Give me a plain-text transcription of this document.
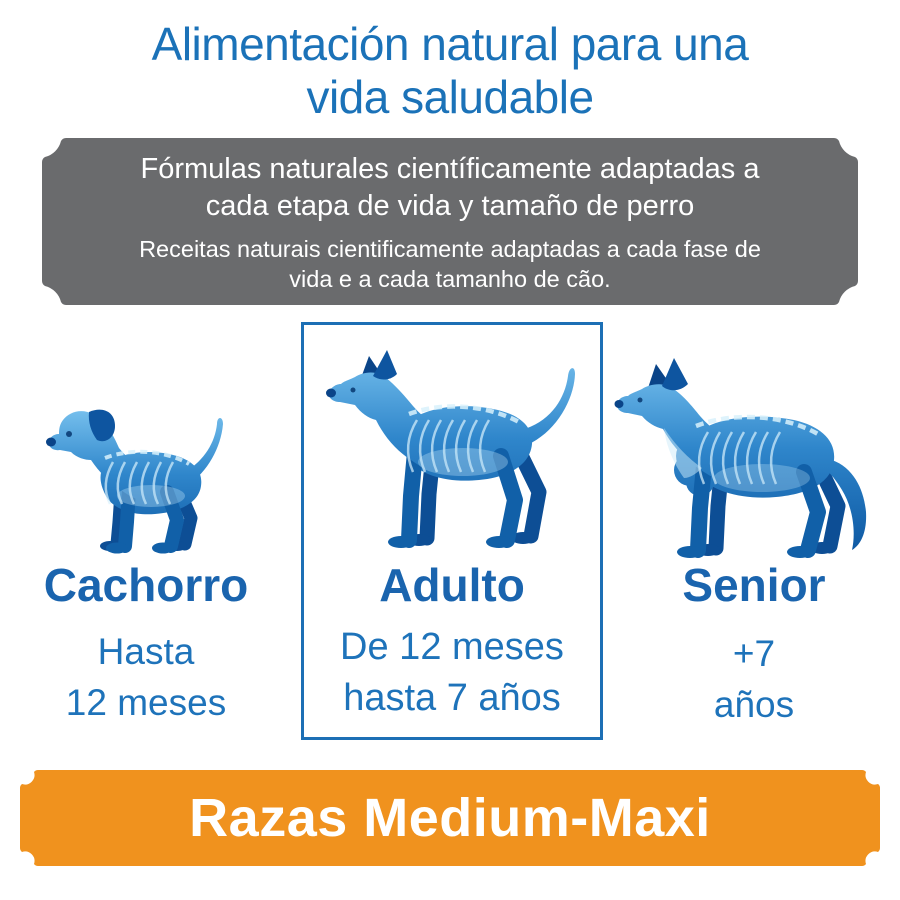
Alimentación natural para una
vida saludable
Fórmulas naturales científicamente adaptadas a
cada etapa de vida y tamaño de perro
Receitas naturais cientificamente adaptadas a cada fase de
vida e a cada tamanho de cão.
Cachorro	Adulto	Senior
Hasta
12 meses
De 12 meses
hasta 7 años
+7
años
Razas Medium-Maxi
